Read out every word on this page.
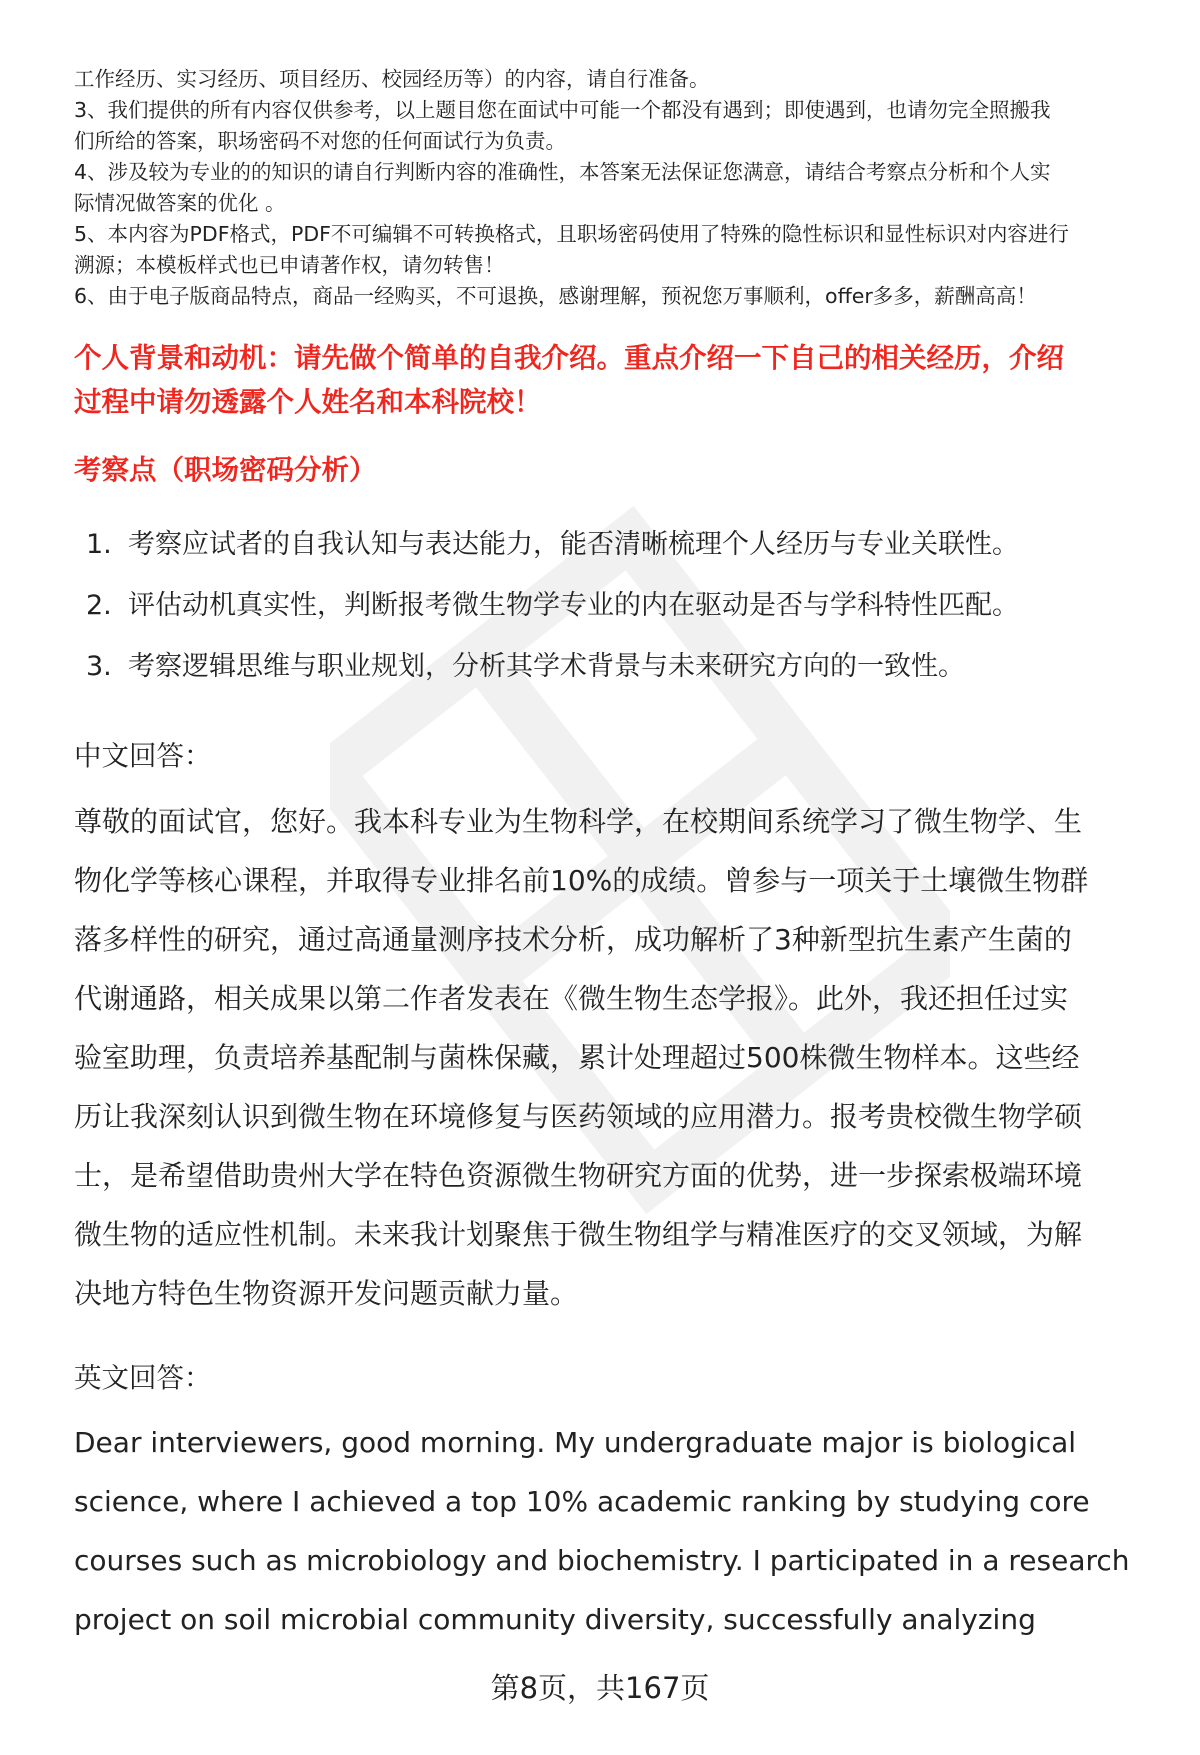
工作经历、实习经历、项目经历、校园经历等）的内容，请自行准备。

3、我们提供的所有内容仅供参考，以上题目您在面试中可能一个都没有遇到；即使遇到，也请勿完全照搬我

们所给的答案，职场密码不对您的任何面试行为负责。

4、涉及较为专业的的知识的请自行判断内容的准确性，本答案无法保证您满意，请结合考察点分析和个人实

际情况做答案的优化 。

5、本内容为PDF格式，PDF不可编辑不可转换格式，且职场密码使用了特殊的隐性标识和显性标识对内容进行

溯源；本模板样式也已申请著作权，请勿转售！

6、由于电子版商品特点，商品一经购买，不可退换，感谢理解，预祝您万事顺利，offer多多，薪酬高高！

个人背景和动机：请先做个简单的自我介绍。重点介绍一下自己的相关经历，介绍
过程中请勿透露个人姓名和本科院校！
考察点（职场密码分析）
1. 考察应试者的自我认知与表达能力，能否清晰梳理个人经历与专业关联性。
2. 评估动机真实性，判断报考微生物学专业的内在驱动是否与学科特性匹配。
3. 考察逻辑思维与职业规划，分析其学术背景与未来研究方向的一致性。
中文回答：
尊敬的面试官，您好。我本科专业为生物科学，在校期间系统学习了微生物学、生
物化学等核心课程，并取得专业排名前10%的成绩。曾参与一项关于土壤微生物群
落多样性的研究，通过高通量测序技术分析，成功解析了3种新型抗生素产生菌的
代谢通路，相关成果以第二作者发表在《微生物生态学报》。此外，我还担任过实
验室助理，负责培养基配制与菌株保藏，累计处理超过500株微生物样本。这些经
历让我深刻认识到微生物在环境修复与医药领域的应用潜力。报考贵校微生物学硕
士，是希望借助贵州大学在特色资源微生物研究方面的优势，进一步探索极端环境
微生物的适应性机制。未来我计划聚焦于微生物组学与精准医疗的交叉领域，为解
决地方特色生物资源开发问题贡献力量。
英文回答：
Dear interviewers, good morning. My undergraduate major is biological
science, where I achieved a top 10% academic ranking by studying core
courses such as microbiology and biochemistry. I participated in a research
project on soil microbial community diversity, successfully analyzing
第8页，共167页
